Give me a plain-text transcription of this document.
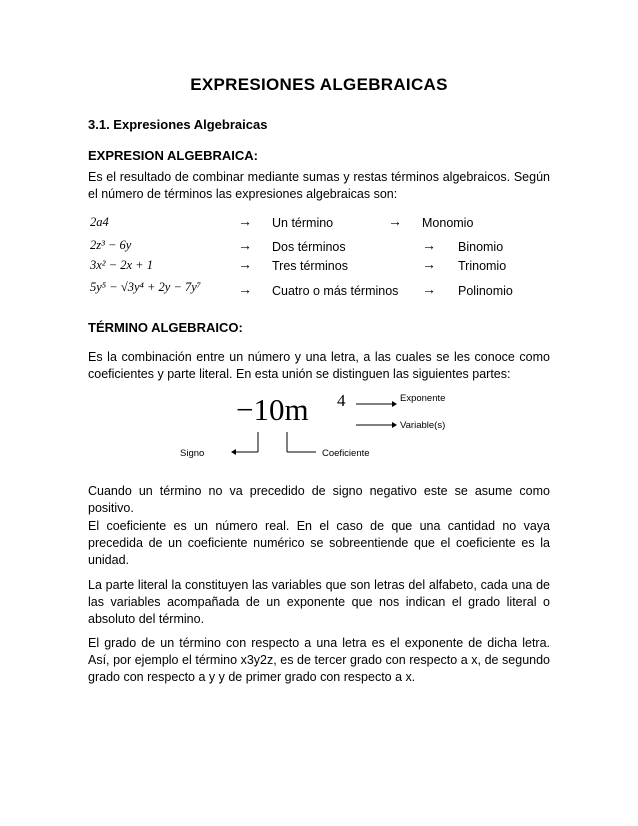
EXPRESIONES ALGEBRAICAS
3.1. Expresiones Algebraicas
EXPRESION ALGEBRAICA:
Es el resultado de combinar mediante sumas y restas términos algebraicos. Según el número de términos las expresiones algebraicas son:
2a4	→ Un término	→ Monomio
2z³ − 6y	→ Dos términos	→ Binomio
3x² − 2x + 1	→ Tres términos	→ Trinomio
5y⁵ − √3y⁴ + 2y − 7y⁷	→ Cuatro o más términos → Polinomio
TÉRMINO ALGEBRAICO:
Es la combinación entre un número y una letra, a las cuales se les conoce como coeficientes y parte literal. En esta unión se distinguen las siguientes partes:
−10m 4	Exponente
Variable(s)
Signo	Coeficiente
Cuando un término no va precedido de signo negativo este se asume como positivo.
El coeficiente es un número real. En el caso de que una cantidad no vaya precedida de un coeficiente numérico se sobreentiende que el coeficiente es la unidad.
La parte literal la constituyen las variables que son letras del alfabeto, cada una de las variables acompañada de un exponente que nos indican el grado literal o absoluto del término.
El grado de un término con respecto a una letra es el exponente de dicha letra. Así, por ejemplo el término x3y2z, es de tercer grado con respecto a x, de segundo grado con respecto a y y de primer grado con respecto a x.
